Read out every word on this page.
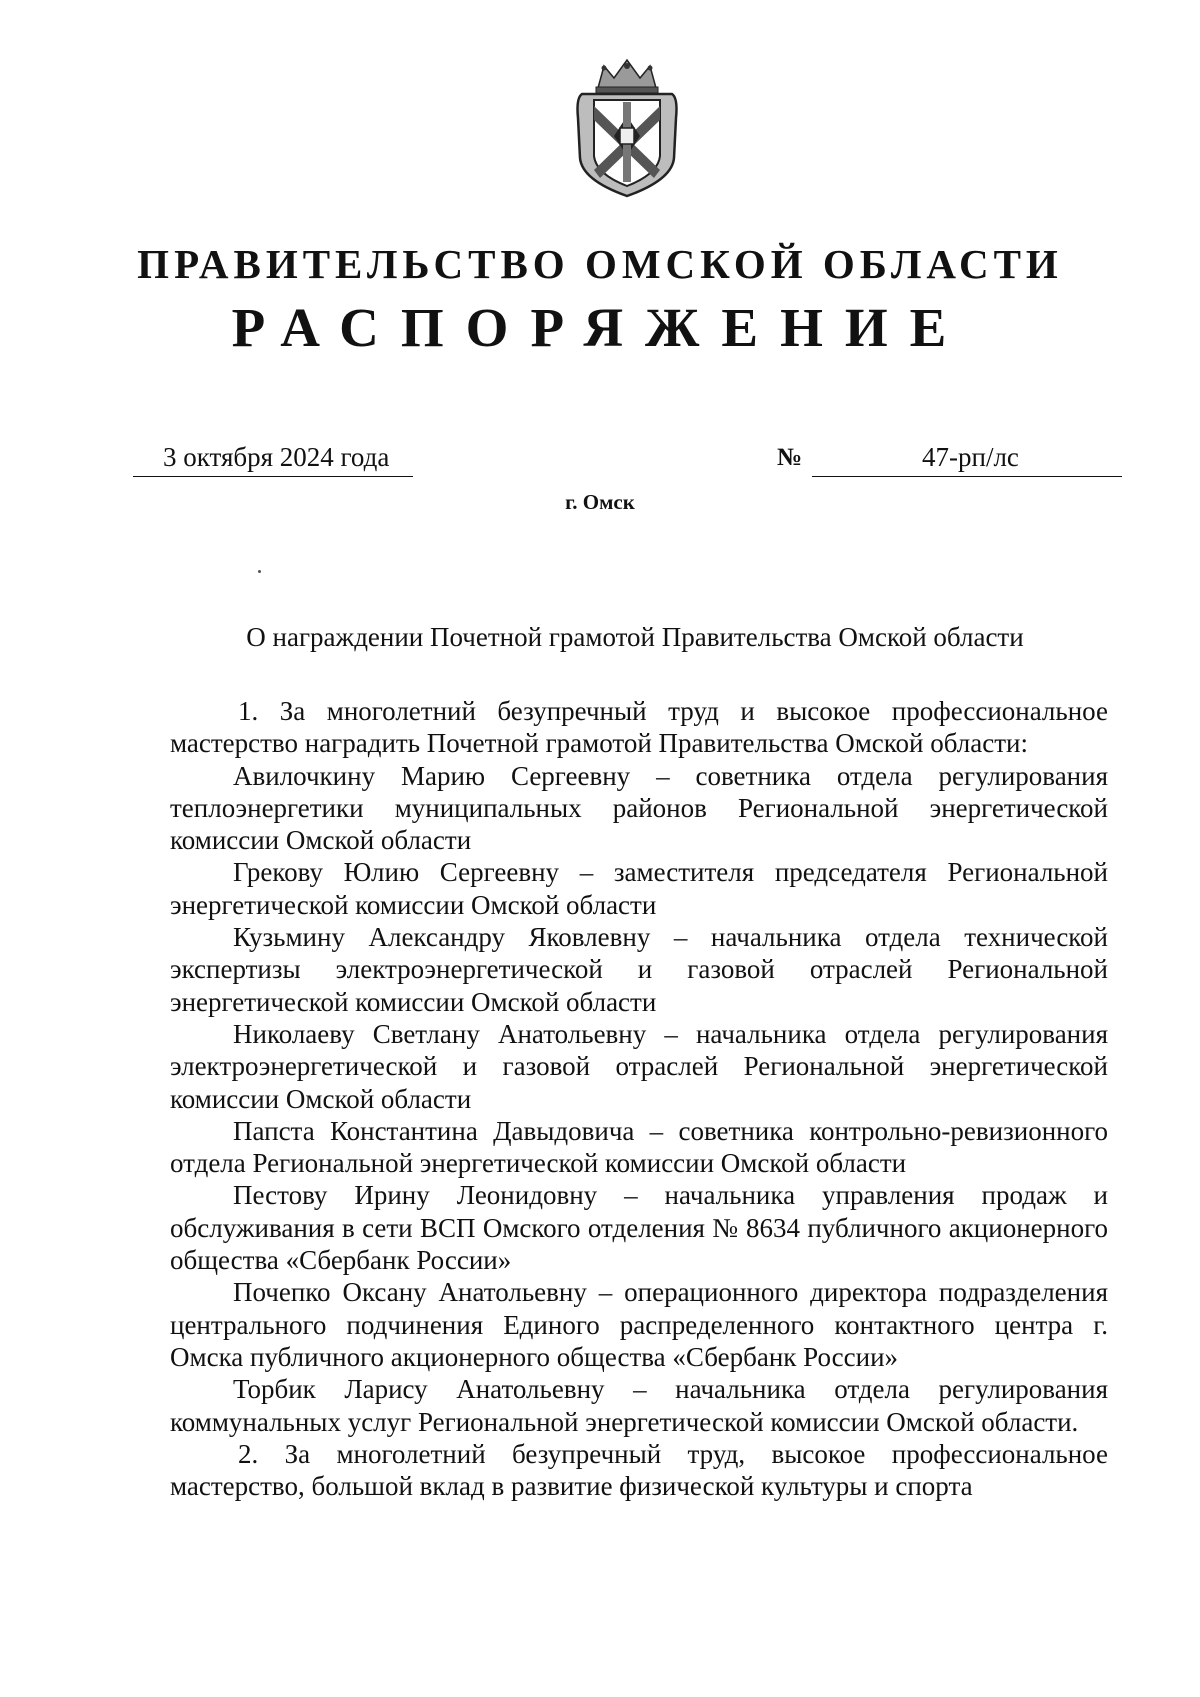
ПРАВИТЕЛЬСТВО ОМСКОЙ ОБЛАСТИ
РАСПОРЯЖЕНИЕ
3 октября 2024 года	№	47-рп/лс
г. Омск
О награждении Почетной грамотой Правительства Омской области

1. За многолетний безупречный труд и высокое профессиональное мастерство наградить Почетной грамотой Правительства Омской области:

Авилочкину Марию Сергеевну – советника отдела регулирования теплоэнергетики муниципальных районов Региональной энергетической комиссии Омской области

Грекову Юлию Сергеевну – заместителя председателя Региональной энергетической комиссии Омской области

Кузьмину Александру Яковлевну – начальника отдела технической экспертизы электроэнергетической и газовой отраслей Региональной энергетической комиссии Омской области

Николаеву Светлану Анатольевну – начальника отдела регулирования электроэнергетической и газовой отраслей Региональной энергетической комиссии Омской области

Папста Константина Давыдовича – советника контрольно-ревизионного отдела Региональной энергетической комиссии Омской области

Пестову Ирину Леонидовну – начальника управления продаж и обслуживания в сети ВСП Омского отделения № 8634 публичного акционерного общества «Сбербанк России»

Почепко Оксану Анатольевну – операционного директора подразделения центрального подчинения Единого распределенного контактного центра г. Омска публичного акционерного общества «Сбербанк России»

Торбик Ларису Анатольевну – начальника отдела регулирования коммунальных услуг Региональной энергетической комиссии Омской области.

2. За многолетний безупречный труд, высокое профессиональное мастерство, большой вклад в развитие физической культуры и спорта
